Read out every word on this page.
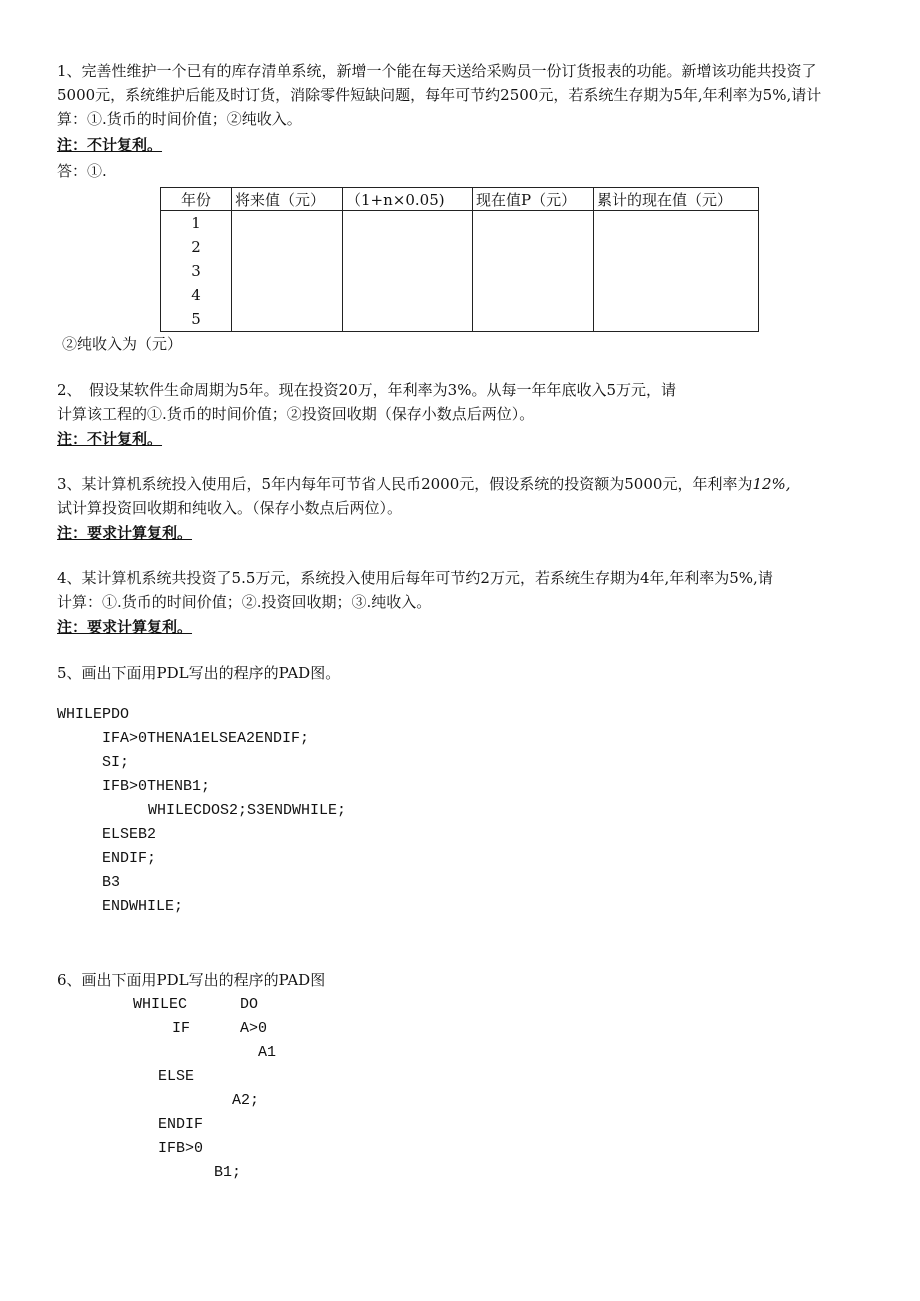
1、完善性维护一个已有的库存清单系统，新增一个能在每天送给采购员一份订货报表的功能。新增该功能共投资了
5000元，系统维护后能及时订货，消除零件短缺问题，每年可节约2500元，若系统生存期为5年,年利率为5%,请计
算：①.货币的时间价值；②纯收入。
注：不计复利。
答：①.
年份	将来值（元）	（1+n×0.05)	现在值P（元）	累计的现在值（元）

1
2
3
4
5				

②纯收入为（元）
2、　假设某软件生命周期为5年。现在投资20万，年利率为3%。从每一年年底收入5万元，请
计算该工程的①.货币的时间价值；②投资回收期（保存小数点后两位）。
注：不计复利。
3、某计算机系统投入使用后，5年内每年可节省人民币2000元，假设系统的投资额为5000元，年利率为12%,
试计算投资回收期和纯收入。（保存小数点后两位）。
注：要求计算复利。
4、某计算机系统共投资了5.5万元，系统投入使用后每年可节约2万元，若系统生存期为4年,年利率为5%,请
计算：①.货币的时间价值；②.投资回收期；③.纯收入。
注：要求计算复利。
5、画出下面用PDL写出的程序的PAD图。
WHILEPDO
IFA>0THENA1ELSEA2ENDIF;
SI;
IFB>0THENB1;
WHILECDOS2;S3ENDWHILE;
ELSEB2
ENDIF;
B3
ENDWHILE;
6、画出下面用PDL写出的程序的PAD图
WHILEC	DO
IF	A>0
A1
ELSE
A2;
ENDIF
IFB>0
B1;
